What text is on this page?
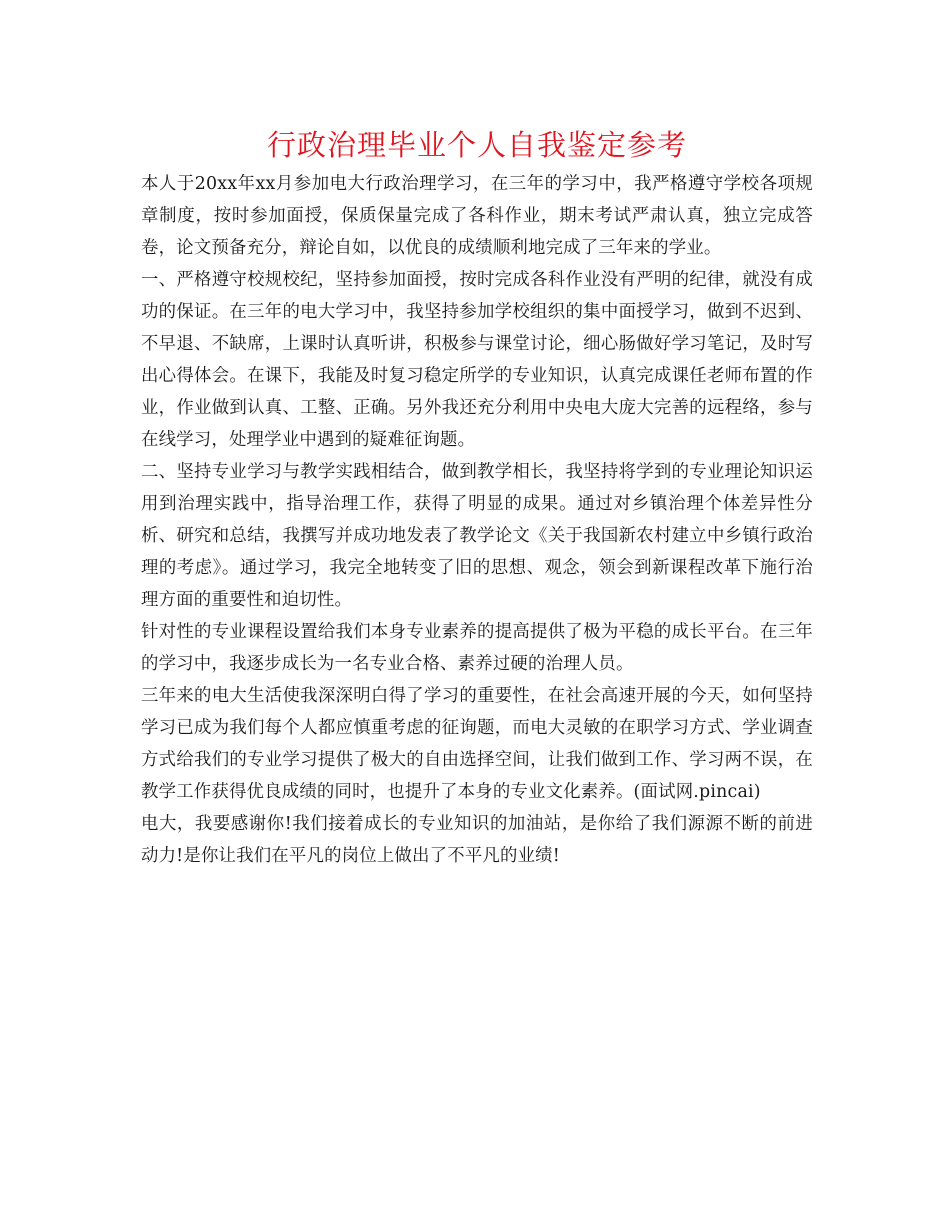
行政治理毕业个人自我鉴定参考

本人于20xx年xx月参加电大行政治理学习，在三年的学习中，我严格遵守学校各项规章制度，按时参加面授，保质保量完成了各科作业，期末考试严肃认真，独立完成答卷，论文预备充分，辩论自如，以优良的成绩顺利地完成了三年来的学业。

一、严格遵守校规校纪，坚持参加面授，按时完成各科作业没有严明的纪律，就没有成功的保证。在三年的电大学习中，我坚持参加学校组织的集中面授学习，做到不迟到、不早退、不缺席，上课时认真听讲，积极参与课堂讨论，细心肠做好学习笔记，及时写出心得体会。在课下，我能及时复习稳定所学的专业知识，认真完成课任老师布置的作业，作业做到认真、工整、正确。另外我还充分利用中央电大庞大完善的远程络，参与在线学习，处理学业中遇到的疑难征询题。

二、坚持专业学习与教学实践相结合，做到教学相长，我坚持将学到的专业理论知识运用到治理实践中，指导治理工作，获得了明显的成果。通过对乡镇治理个体差异性分析、研究和总结，我撰写并成功地发表了教学论文《关于我国新农村建立中乡镇行政治理的考虑》。通过学习，我完全地转变了旧的思想、观念，领会到新课程改革下施行治理方面的重要性和迫切性。

针对性的专业课程设置给我们本身专业素养的提高提供了极为平稳的成长平台。在三年的学习中，我逐步成长为一名专业合格、素养过硬的治理人员。

三年来的电大生活使我深深明白得了学习的重要性，在社会高速开展的今天，如何坚持学习已成为我们每个人都应慎重考虑的征询题，而电大灵敏的在职学习方式、学业调查方式给我们的专业学习提供了极大的自由选择空间，让我们做到工作、学习两不误，在教学工作获得优良成绩的同时，也提升了本身的专业文化素养。(面试网.pincai)

电大，我要感谢你!我们接着成长的专业知识的加油站，是你给了我们源源不断的前进动力!是你让我们在平凡的岗位上做出了不平凡的业绩!
